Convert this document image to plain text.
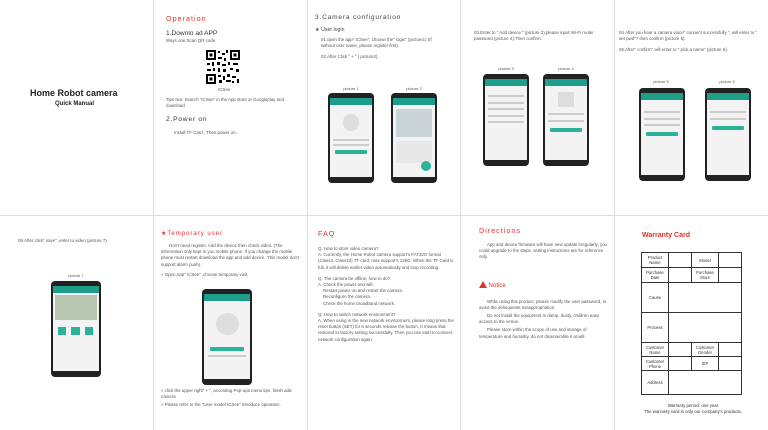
Home Robot camera
Quick Manual
Operation
1.Downlo ad APP
Ways one:Scan QR code
ICSee
Tips two: Search "ICSee" in the App store or Googleplay and download.
2.Power on
Install TF Card , Then power on.
3.Camera configuration
★ User login
01.open the app" ICSee", choose the" login" (picture1) (If without user name, please register first).
02.After Click " + " ( picture2).
picture 1	picture 2
03.Enter to " Add device " (picture 3),please input Wi-Fi router password (picture 4),Then confirm.
picture 3	picture 4
04.After you hear a camera voice" connect successfully ", will enter to " set pwd"? then confirm (picture 5).
05.After" confirm" will enter to " pick a name" (picture 6).
picture 5	picture 6
06.After click" save" ,enter to video (picture 7).
picture 7
★Temporary user
Don't need register. Add the device then check video. (The information only kept in you mobile phone. If you change the mobile phone must restart download the app and add device .This model don't support alarm push).
» Open App" ICSee" ,choose temporary visit.
» click the upper right" + ", according Pop-ups menu tips ,finish add camera
» Please refer to the "User model ICSee" introduce operation.
FAQ
Q. How to store video camera?
A. Currently, the Home Robot camera support's FAT32G format (Class4, Class10) TF card, max support's 128G. When the TF Card is full, it will delete earlier video automatically and loop recording.
Q. The camera be offline, how to do?
A. Check the power and wifi.
Restart power on and restart the camera.
Reconfigure the camera.
Check the home broadband network.
Q. How to switch network environment?
A. When using in the new network environment, please long press the reset button (SET) for 6 seconds release the button. It means that restored to factory setting successfully. Then you can start to connect network configuration again.
Directions
App and device firmware will have new update irregularly, you could upgrade to the steps, setting instructions are for reference only.
Notice
While using this product, please modify the user password, to avoid the delinquents misappropriation.
Do not install the equipment in damp, dusty, children easy access to the venue.
Please store within the scope of use and storage of temperature and humidity, do not disassemble it at will.
Warranty Card
Product Name		Model	
Purchase Date		Purchase Store	
Cause			
Process			
Customer Name		Customer Gender	
Customer Phone		ZIP	
Address			
Warranty period: one year
The warranty card is only our company's products.
